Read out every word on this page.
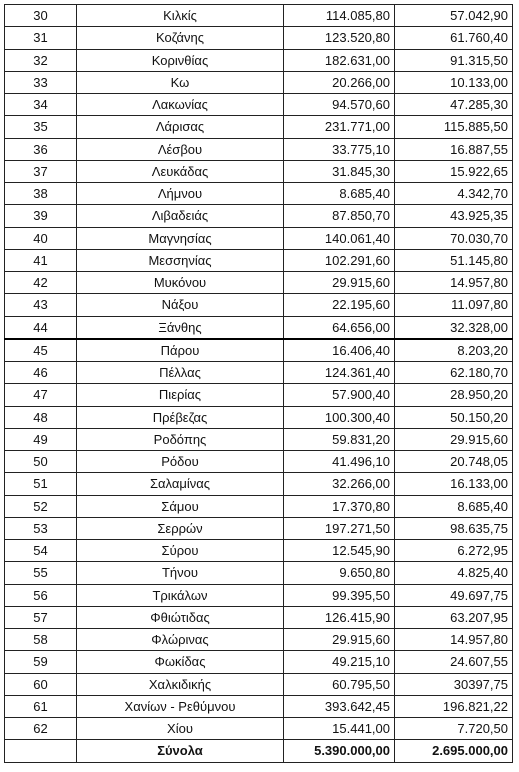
30	Κιλκίς	114.085,80	57.042,90
31	Κοζάνης	123.520,80	61.760,40
32	Κορινθίας	182.631,00	91.315,50
33	Κω	20.266,00	10.133,00
34	Λακωνίας	94.570,60	47.285,30
35	Λάρισας	231.771,00	115.885,50
36	Λέσβου	33.775,10	16.887,55
37	Λευκάδας	31.845,30	15.922,65
38	Λήμνου	8.685,40	4.342,70
39	Λιβαδειάς	87.850,70	43.925,35
40	Μαγνησίας	140.061,40	70.030,70
41	Μεσσηνίας	102.291,60	51.145,80
42	Μυκόνου	29.915,60	14.957,80
43	Νάξου	22.195,60	11.097,80
44	Ξάνθης	64.656,00	32.328,00
45	Πάρου	16.406,40	8.203,20
46	Πέλλας	124.361,40	62.180,70
47	Πιερίας	57.900,40	28.950,20
48	Πρέβεζας	100.300,40	50.150,20
49	Ροδόπης	59.831,20	29.915,60
50	Ρόδου	41.496,10	20.748,05
51	Σαλαμίνας	32.266,00	16.133,00
52	Σάμου	17.370,80	8.685,40
53	Σερρών	197.271,50	98.635,75
54	Σύρου	12.545,90	6.272,95
55	Τήνου	9.650,80	4.825,40
56	Τρικάλων	99.395,50	49.697,75
57	Φθιώτιδας	126.415,90	63.207,95
58	Φλώρινας	29.915,60	14.957,80
59	Φωκίδας	49.215,10	24.607,55
60	Χαλκιδικής	60.795,50	30397,75
61	Χανίων - Ρεθύμνου	393.642,45	196.821,22
62	Χίου	15.441,00	7.720,50
	Σύνολα	5.390.000,00	2.695.000,00
